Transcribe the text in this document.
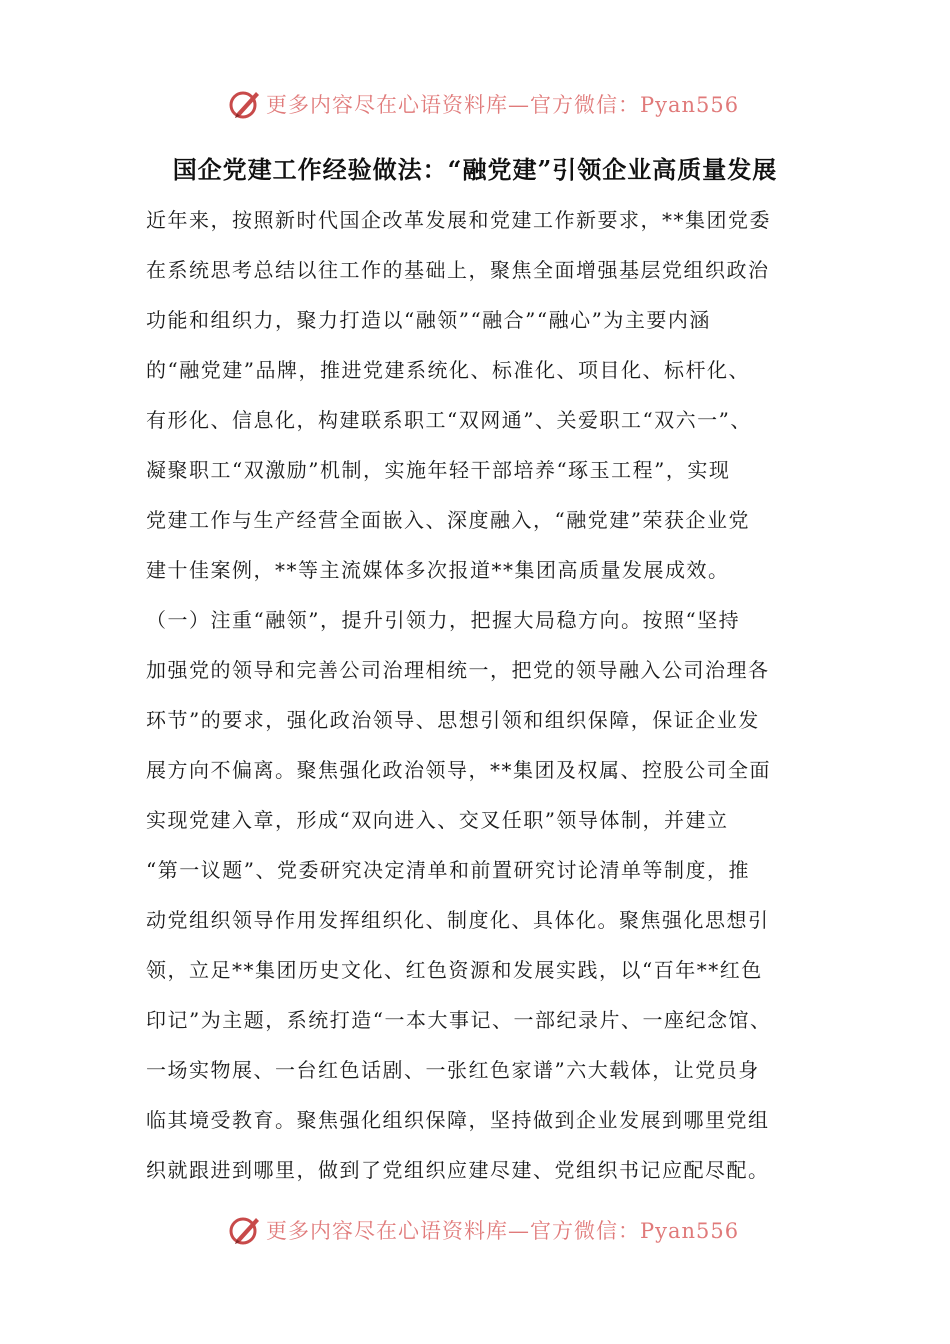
更多内容尽在心语资料库—官方微信：Pyan556
国企党建工作经验做法：“融党建”引领企业高质量发展
近年来，按照新时代国企改革发展和党建工作新要求，**集团党委
在系统思考总结以往工作的基础上，聚焦全面增强基层党组织政治
功能和组织力，聚力打造以“融领”“融合”“融心”为主要内涵
的“融党建”品牌，推进党建系统化、标准化、项目化、标杆化、
有形化、信息化，构建联系职工“双网通”、关爱职工“双六一”、
凝聚职工“双激励”机制，实施年轻干部培养“琢玉工程”，实现
党建工作与生产经营全面嵌入、深度融入，“融党建”荣获企业党
建十佳案例，**等主流媒体多次报道**集团高质量发展成效。
（一）注重“融领”，提升引领力，把握大局稳方向。按照“坚持
加强党的领导和完善公司治理相统一，把党的领导融入公司治理各
环节”的要求，强化政治领导、思想引领和组织保障，保证企业发
展方向不偏离。聚焦强化政治领导，**集团及权属、控股公司全面
实现党建入章，形成“双向进入、交叉任职”领导体制，并建立
“第一议题”、党委研究决定清单和前置研究讨论清单等制度，推
动党组织领导作用发挥组织化、制度化、具体化。聚焦强化思想引
领，立足**集团历史文化、红色资源和发展实践，以“百年**红色
印记”为主题，系统打造“一本大事记、一部纪录片、一座纪念馆、
一场实物展、一台红色话剧、一张红色家谱”六大载体，让党员身
临其境受教育。聚焦强化组织保障，坚持做到企业发展到哪里党组
织就跟进到哪里，做到了党组织应建尽建、党组织书记应配尽配。
更多内容尽在心语资料库—官方微信：Pyan556
